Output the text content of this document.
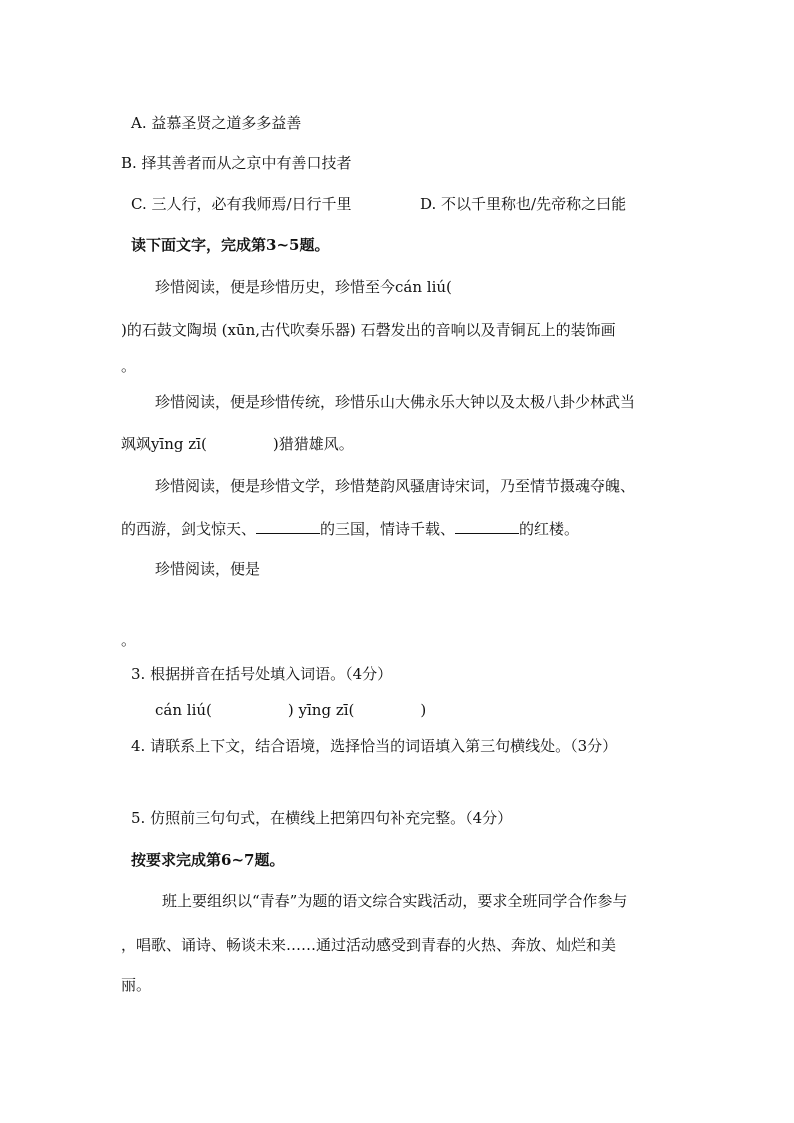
A. 益慕圣贤之道多多益善
B. 择其善者而从之京中有善口技者
C. 三人行，必有我师焉/日行千里	D. 不以千里称也/先帝称之曰能
读下面文字，完成第3~5题。
珍惜阅读，便是珍惜历史，珍惜至今cán liú(
)的石鼓文陶埙 (xūn,古代吹奏乐器) 石磬发出的音响以及青铜瓦上的装饰画
。
珍惜阅读，便是珍惜传统，珍惜乐山大佛永乐大钟以及太极八卦少林武当
飒飒yīng zī(	)猎猎雄风。
珍惜阅读，便是珍惜文学，珍惜楚韵风骚唐诗宋词，乃至情节摄魂夺魄、
的西游，剑戈惊天、	的三国，情诗千载、	的红楼。
珍惜阅读，便是
。
3. 根据拼音在括号处填入词语。（4分）
cán liú(	) yīng zī(	)
4. 请联系上下文，结合语境，选择恰当的词语填入第三句横线处。（3分）
5. 仿照前三句句式，在横线上把第四句补充完整。（4分）
按要求完成第6~7题。
班上要组织以“青春”为题的语文综合实践活动，要求全班同学合作参与
，唱歌、诵诗、畅谈未来……通过活动感受到青春的火热、奔放、灿烂和美
丽。
